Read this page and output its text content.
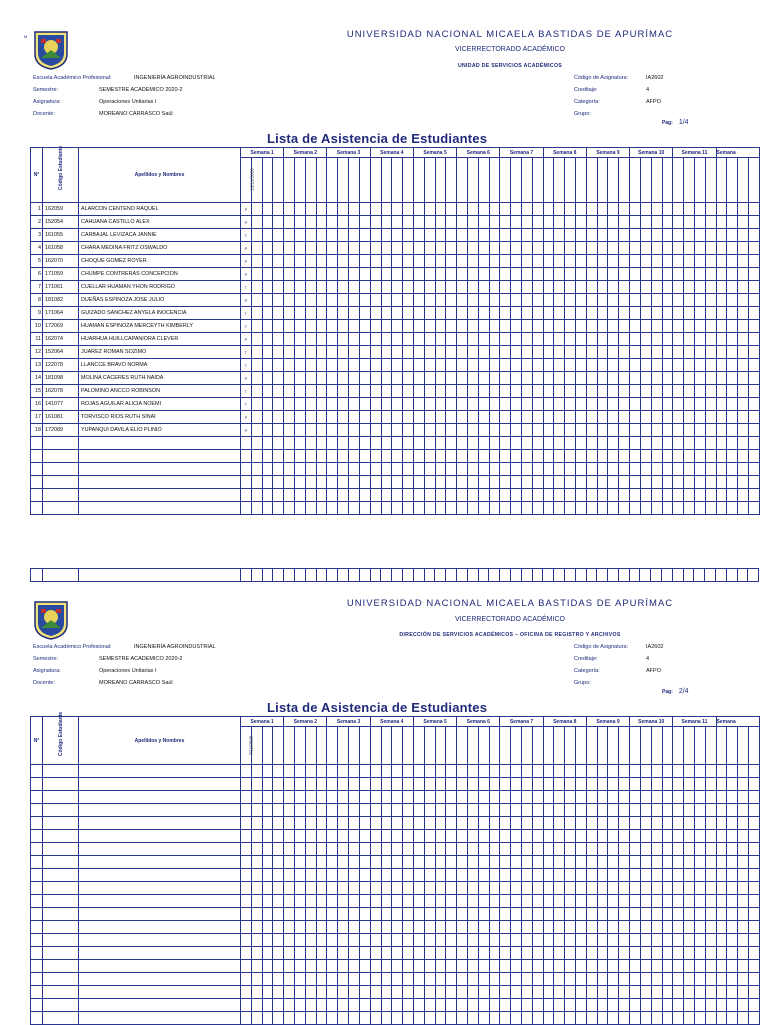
M	UNIVERSIDAD NACIONAL MICAELA BASTIDAS DE APURÍMAC
VICERRECTORADO ACADÉMICO
UNIDAD DE SERVICIOS ACADÉMICOS
Escuela Académico Profesional:	INGENIERÍA AGROINDUSTRIAL
Semestre:	SEMESTRE ACADEMICO 2020-2
Asignatura:	Operaciones Unitarias I
Docente:	MOREANO CARRASCO Saúl
Código de Asignatura:	IA2602
Creditaje:	4
Categoría:	AFPO
Grupo:
Pag: 1/4
Lista de Asistencia de Estudiantes
N°	Código Estudiante	Apellidos y Nombres	Semana 1				Semana 2				Semana 3				Semana 4				Semana 5				Semana 6				Semana 7				Semana 8				Semana 9				Semana 10				Semana 11				Semana			
			12/11/2020																																															
1	162059	ALARCON CENTENO RAQUEL	P																																															
2	152054	CAHUANA CASTILLO ALEX	P																																															
3	161055	CARBAJAL LEVIZACA JANNIE	T																																															
4	161058	CHARA MEDINA FRITZ OSWALDO	P																																															
5	162070	CHOQUE GOMEZ ROYER	P																																															
6	171059	CHUMPE CONTRERAS CONCEPCION	P																																															
7	171061	CUELLAR HUAMAN YHON RODRIGO	T																																															
8	181082	DUEÑAS ESPINOZA JOSE JULIO	P																																															
9	171064	GUIZADO SANCHEZ ANYELA INOCENCIA	T																																															
10	172069	HUAMAN ESPINOZA MERCEYTH KIMBERLY	T																																															
11	162074	HUARHUA HUILLCAPANIORA CLEVER	P																																															
12	152064	JUAREZ ROMAN SOZIMO	T																																															
13	122078	LLANCCE BRAVO NORMA	T																																															
14	181098	MOLINA CACERES RUTH NAIDA	P																																															
15	162078	PALOMINO ANCCO ROBINSON	T																																															
16	141077	ROJAS AGUILAR ALICIA NOEMI	T																																															
17	161081	TORVISCO RIOS RUTH SINAI	P																																															
18	172089	YUPANQUI DAVILA ELIO PLINIO	P																																															

UNIVERSIDAD NACIONAL MICAELA BASTIDAS DE APURÍMAC
VICERRECTORADO ACADÉMICO
DIRECCIÓN DE SERVICIOS ACADÉMICOS – OFICINA DE REGISTRO Y ARCHIVOS
Escuela Académico Profesional:	INGENIERÍA AGROINDUSTRIAL
Semestre:	SEMESTRE ACADEMICO 2020-2
Asignatura:	Operaciones Unitarias I
Docente:	MOREANO CARRASCO Saúl
Código de Asignatura:	IA2602
Creditaje:	4
Categoría:	AFPO
Grupo:
Pag: 2/4
Lista de Asistencia de Estudiantes
N°	Código Estudiante	Apellidos y Nombres	Semana 1				Semana 2				Semana 3				Semana 4				Semana 5				Semana 6				Semana 7				Semana 8				Semana 9				Semana 10				Semana 11				Semana			
			7/11/2020																																															
